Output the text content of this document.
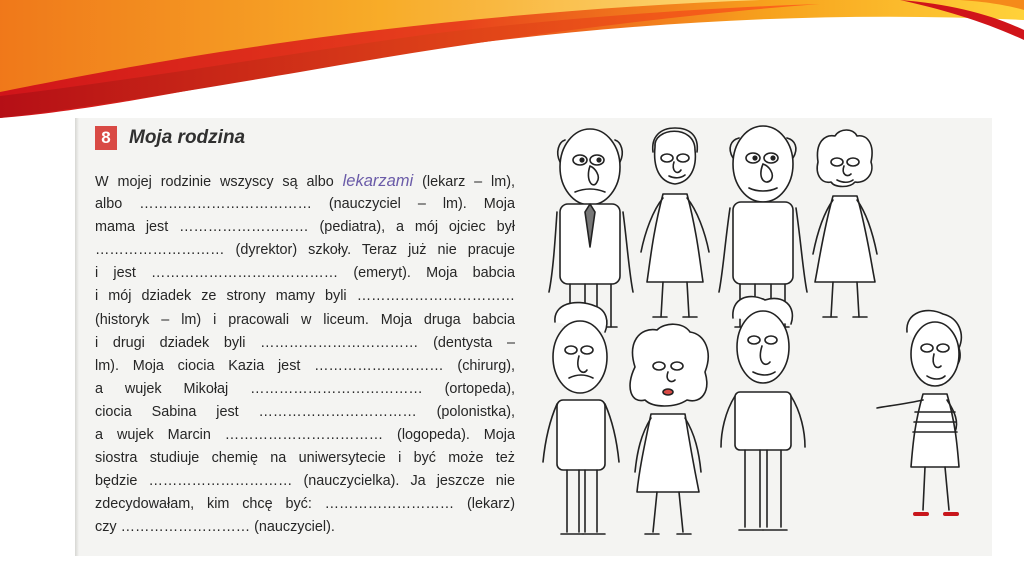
8 Moja rodzina
W mojej rodzinie wszyscy są albo lekarzami (lekarz – lm),
albo ……………………………… (nauczyciel – lm). Moja
mama jest ……………………… (pediatra), a mój ojciec był
……………………… (dyrektor) szkoły. Teraz już nie pracuje
i jest ………………………………… (emeryt). Moja babcia
i mój dziadek ze strony mamy byli ……………………………
(historyk – lm) i pracowali w liceum. Moja druga babcia
i drugi dziadek byli …………………………… (dentysta –
lm). Moja ciocia Kazia jest ……………………… (chirurg),
a wujek Mikołaj ……………………………… (ortopeda),
ciocia Sabina jest …………………………… (polonistka),
a wujek Marcin …………………………… (logopeda). Moja
siostra studiuje chemię na uniwersytecie i być może też
będzie ………………………… (nauczycielka). Ja jeszcze nie
zdecydowałam, kim chcę być: ……………………… (lekarz)
czy ……………………… (nauczyciel).
